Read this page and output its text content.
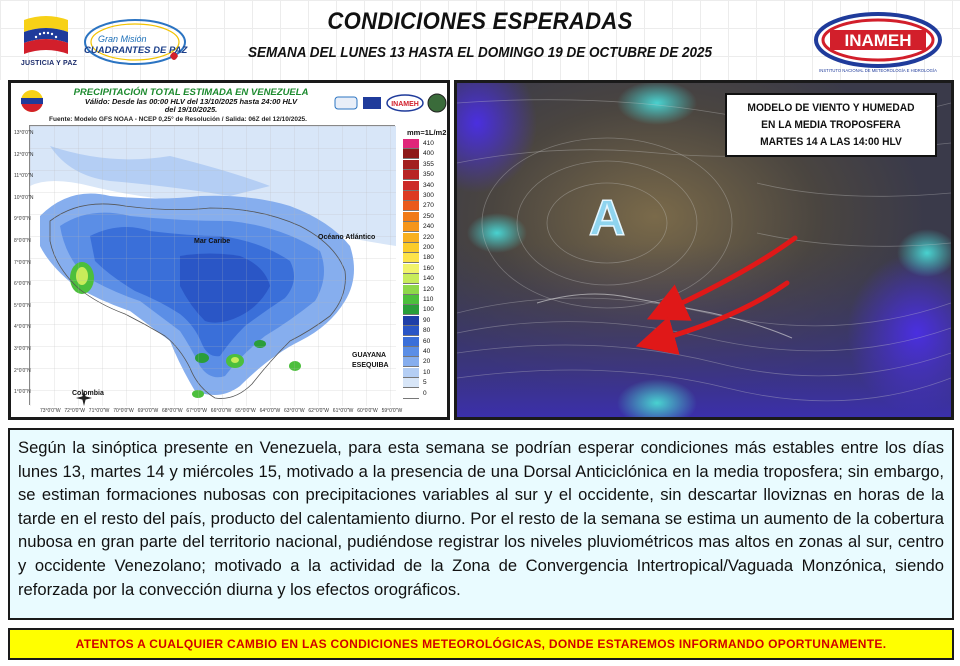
JUSTICIA Y PAZ
Gran Misión
CUADRANTES DE PAZ
CONDICIONES ESPERADAS
SEMANA DEL LUNES 13 HASTA EL DOMINGO 19 DE OCTUBRE DE 2025
INAMEH
INSTITUTO NACIONAL DE METEOROLOGÍA E HIDROLOGÍA
PRECIPITACIÓN TOTAL ESTIMADA EN VENEZUELA
Válido: Desde las 00:00 HLV del 13/10/2025 hasta 24:00 HLV
del 19/10/2025.
Fuente: Modelo GFS NOAA - NCEP 0,25° de Resolución / Salida: 06Z del 12/10/2025.
INAMEH
Mar Caribe
Océano Atlántico
GUAYANA
ESEQUIBA
Colombia
13°0'0"N
12°0'0"N
11°0'0"N
10°0'0"N
9°0'0"N
8°0'0"N
7°0'0"N
6°0'0"N
5°0'0"N
4°0'0"N
3°0'0"N
2°0'0"N
1°0'0"N
73°0'0"W 72°0'0"W 71°0'0"W 70°0'0"W 69°0'0"W 68°0'0"W 67°0'0"W 66°0'0"W 65°0'0"W 64°0'0"W 63°0'0"W 62°0'0"W 61°0'0"W 60°0'0"W 59°0'0"W
mm=1L/m2
410
400
355
350
340
300
270
250
240
220
200
180
160
140
120
110
100
90
80
60
40
20
10
5
0
A
MODELO DE VIENTO Y HUMEDAD
EN LA MEDIA TROPOSFERA
MARTES 14 A LAS 14:00 HLV

Según la sinóptica presente en Venezuela, para esta semana se podrían esperar condiciones más estables entre los días lunes 13, martes 14 y miércoles 15, motivado a la presencia de una Dorsal Anticiclónica en la media troposfera; sin embargo, se estiman formaciones nubosas con precipitaciones variables al sur y el occidente, sin descartar lloviznas en horas de la tarde en el resto del país, producto del calentamiento diurno. Por el resto de la semana se estima un aumento de la cobertura nubosa en gran parte del territorio nacional, pudiéndose registrar los niveles pluviométricos mas altos en zonas al sur, centro y occidente Venezolano; motivado a la actividad de la Zona de Convergencia Intertropical/Vaguada Monzónica, siendo reforzada por la convección diurna y los efectos orográficos.

ATENTOS A CUALQUIER CAMBIO EN LAS CONDICIONES METEOROLÓGICAS, DONDE ESTAREMOS INFORMANDO OPORTUNAMENTE.
